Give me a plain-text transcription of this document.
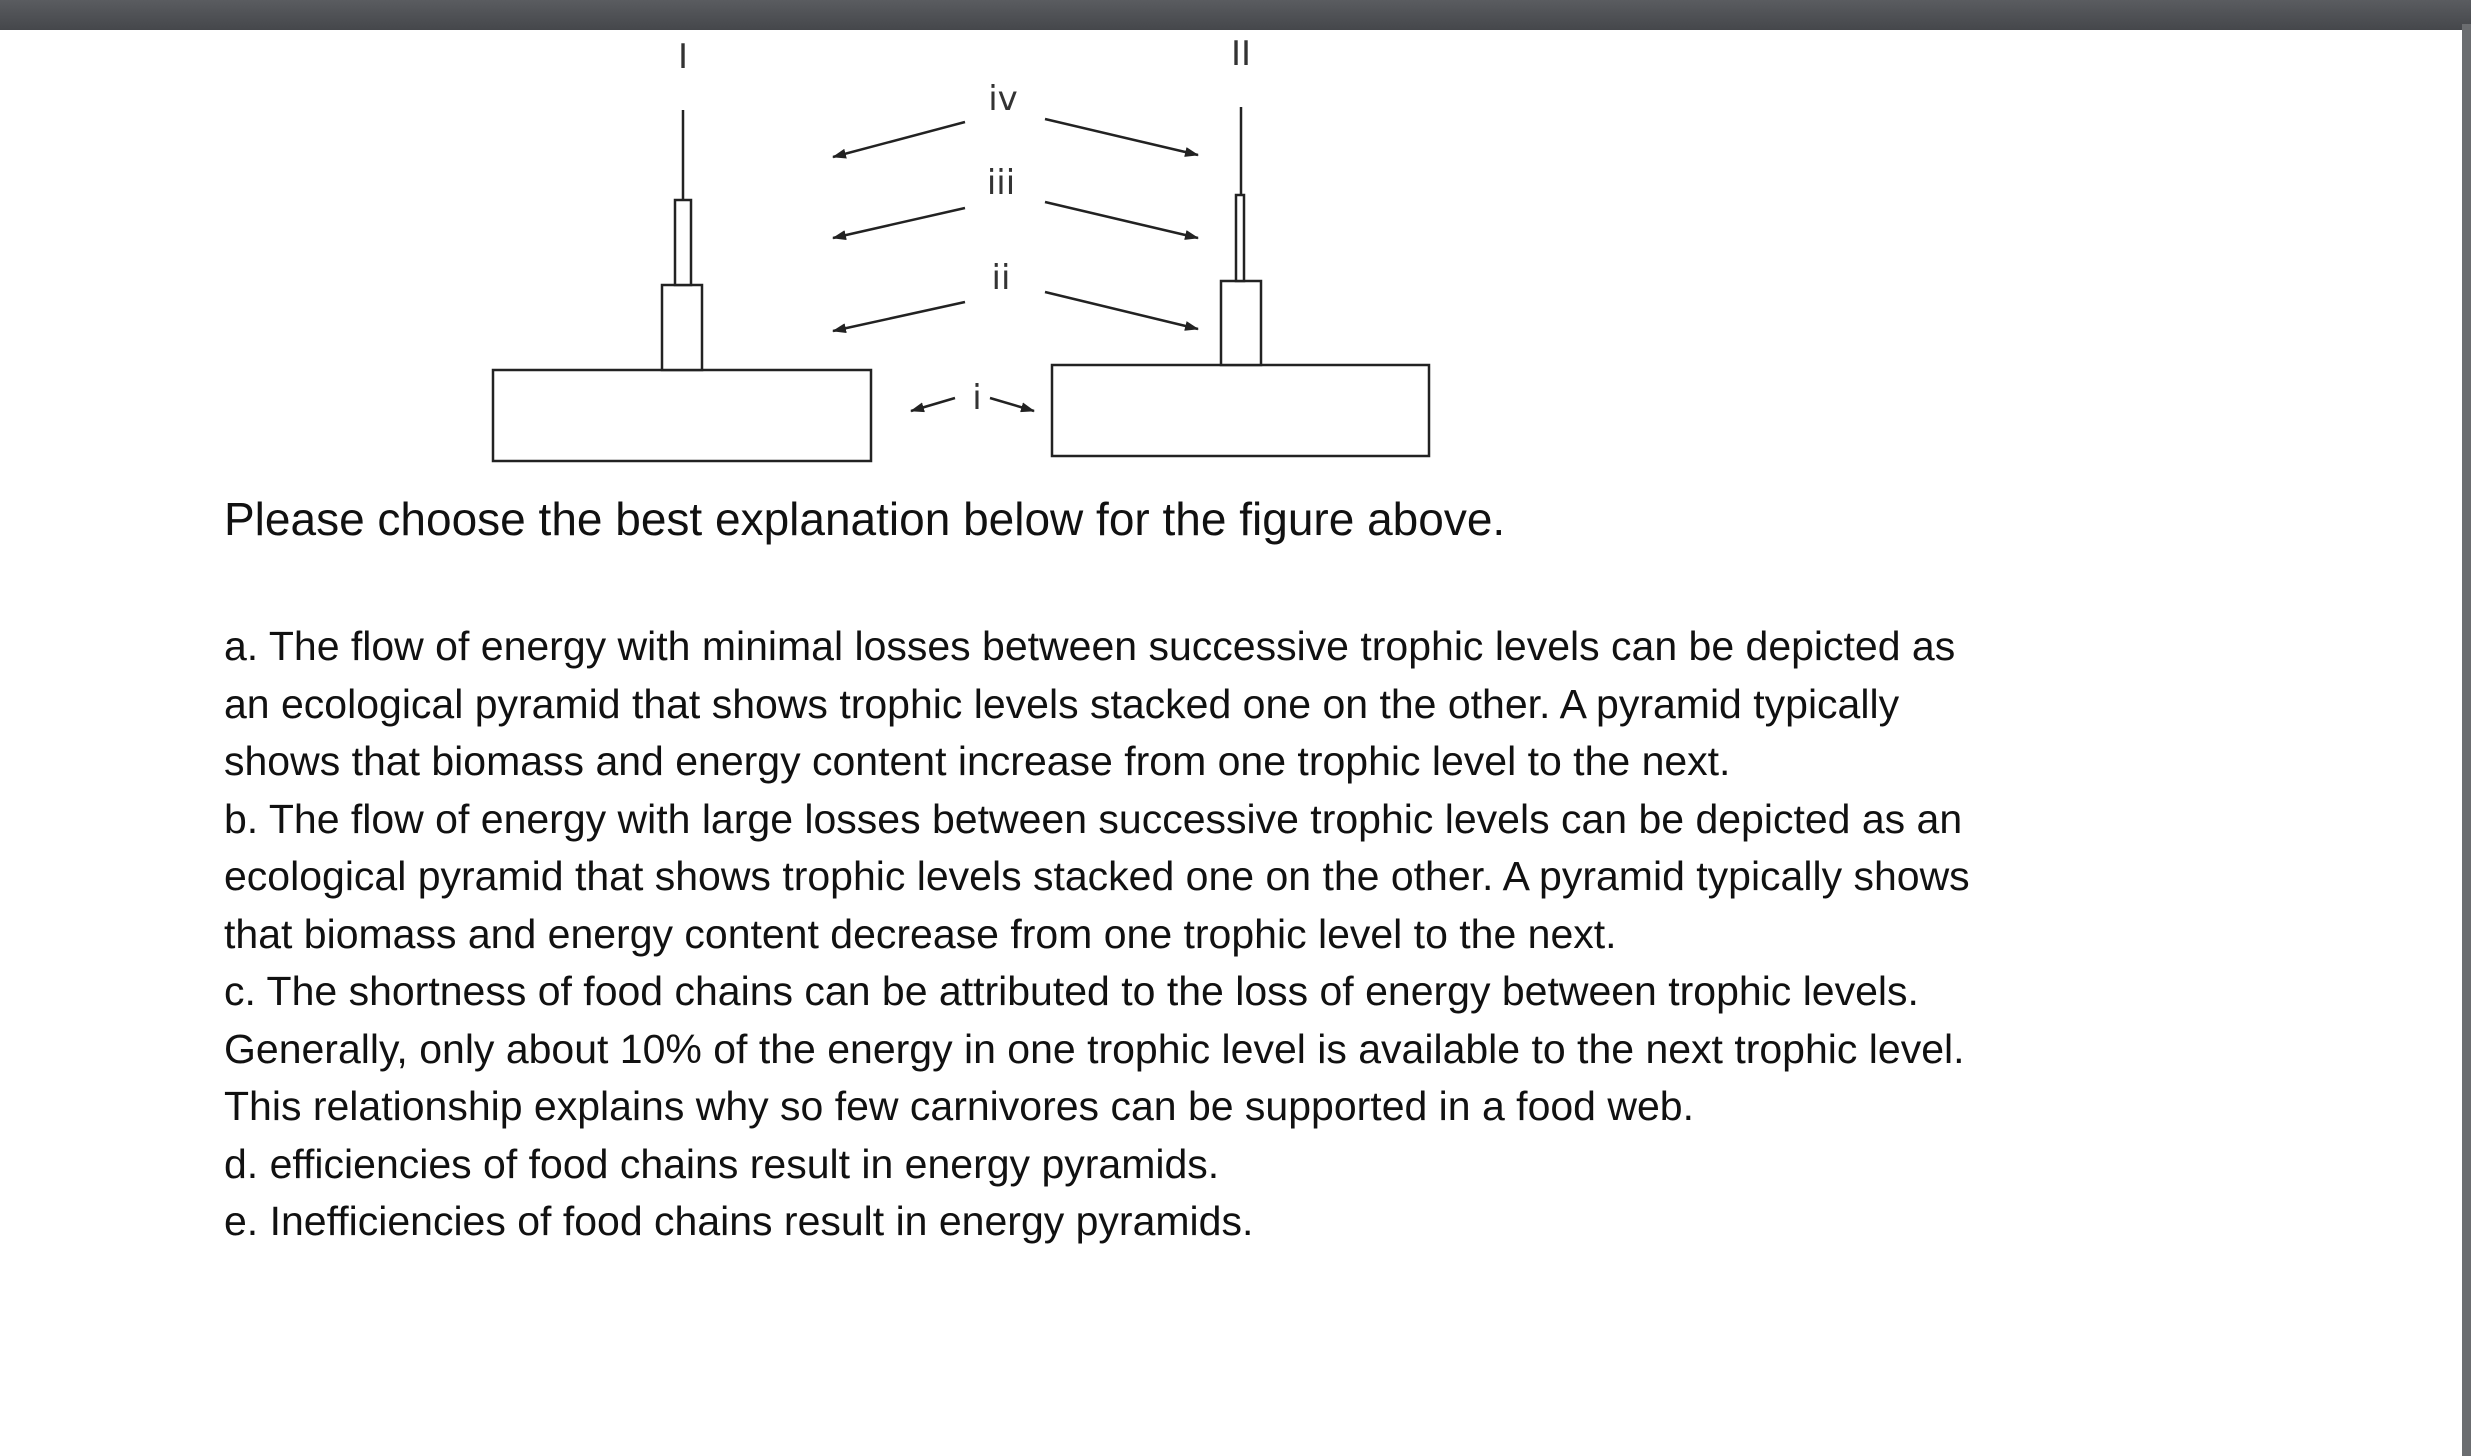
I	II
iv
iii
ii
i

Please choose the best explanation below for the figure above.

a. The flow of energy with minimal losses between successive trophic levels can be depicted as an ecological pyramid that shows trophic levels stacked one on the other. A pyramid typically shows that biomass and energy content increase from one trophic level to the next.

b. The flow of energy with large losses between successive trophic levels can be depicted as an ecological pyramid that shows trophic levels stacked one on the other. A pyramid typically shows that biomass and energy content decrease from one trophic level to the next.

c. The shortness of food chains can be attributed to the loss of energy between trophic levels. Generally, only about 10% of the energy in one trophic level is available to the next trophic level. This relationship explains why so few carnivores can be supported in a food web.

d. efficiencies of food chains result in energy pyramids.

e. Inefficiencies of food chains result in energy pyramids.
